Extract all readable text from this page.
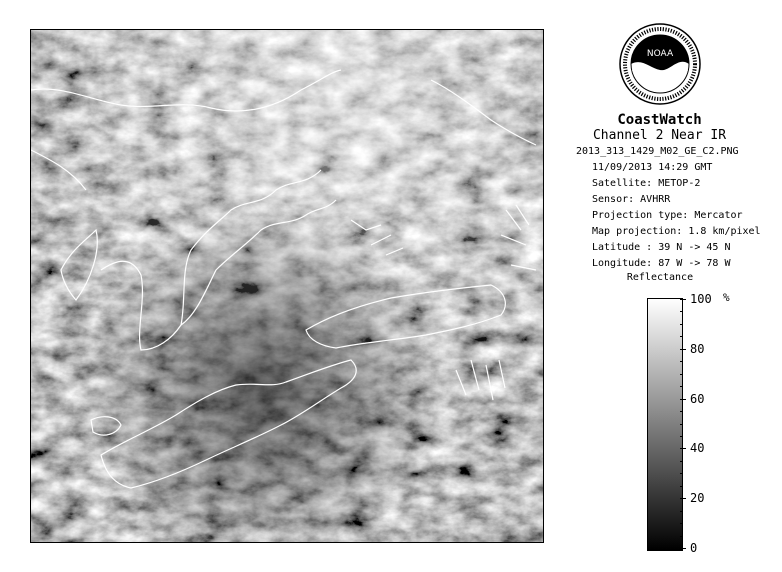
NOAA
CoastWatch
Channel 2 Near IR
2013_313_1429_M02_GE_C2.PNG
11/09/2013 14:29 GMT
Satellite: METOP-2
Sensor: AVHRR
Projection type: Mercator
Map projection: 1.8 km/pixel
Latitude : 39 N -> 45 N
Longitude: 87 W -> 78 W
Reflectance
%
100
80
60
40
20
0
